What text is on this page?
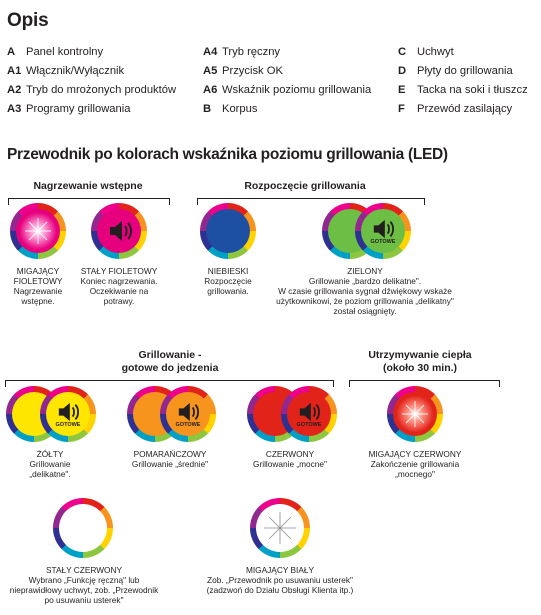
Opis
A Panel kontrolny
A1 Włącznik/Wyłącznik
A2 Tryb do mrożonych produktów
A3 Programy grillowania
A4 Tryb ręczny
A5 Przycisk OK
A6 Wskaźnik poziomu grillowania
B Korpus
C Uchwyt
D Płyty do grillowania
E Tacka na soki i tłuszcz
F Przewód zasilający
Przewodnik po kolorach wskaźnika poziomu grillowania (LED)
Nagrzewanie wstępne	Rozpoczęcie grillowania
Grillowanie -
gotowe do jedzenia
Utrzymywanie ciepła
(około 30 min.)
MIGAJĄCY
FIOLETOWY
Nagrzewanie
wstępne.
STAŁY FIOLETOWY
Koniec nagrzewania.
Oczekiwanie na
potrawy.
NIEBIESKI
Rozpoczęcie
grillowania.
GOTOWE
ZIELONY
Grillowanie „bardzo delikatne".
W czasie grillowania sygnał dźwiękowy wskaże
użytkownikowi, że poziom grillowania „delikatny"
został osiągnięty.
GOTOWE
ŻÓŁTY
Grillowanie
„delikatne".
GOTOWE
POMARAŃCZOWY
Grillowanie „średnie"
GOTOWE
CZERWONY
Grillowanie „mocne"
MIGAJĄCY CZERWONY
Zakończenie grillowania
„mocnego"
STAŁY CZERWONY
Wybrano „Funkcję ręczną" lub
nieprawidłowy uchwyt, zob. „Przewodnik
po usuwaniu usterek"
MIGAJĄCY BIAŁY
Zob. „Przewodnik po usuwaniu usterek"
(zadzwoń do Działu Obsługi Klienta itp.)
